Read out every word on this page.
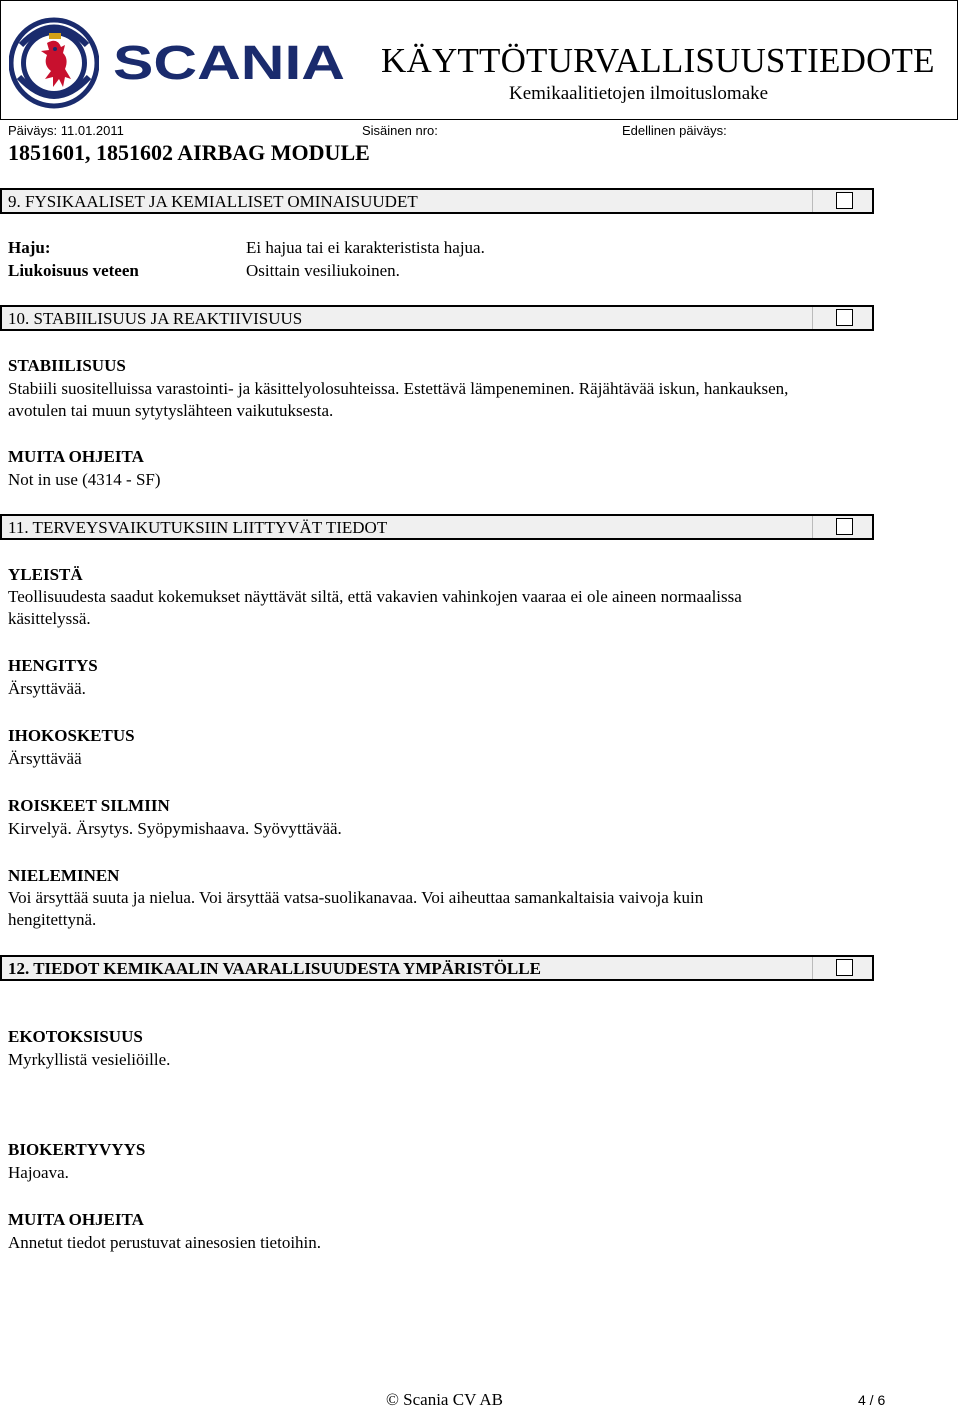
SCANIA KÄYTTÖTURVALLISUUSTIEDOTE
Kemikaalitietojen ilmoituslomake
Päiväys: 11.01.2011	Sisäinen nro:	Edellinen päiväys:
1851601, 1851602 AIRBAG MODULE
9. FYSIKAALISET JA KEMIALLISET OMINAISUUDET
Haju:	Ei hajua tai ei karakteristista hajua.
Liukoisuus veteen	Osittain vesiliukoinen.
10. STABIILISUUS JA REAKTIIVISUUS
STABIILISUUS
Stabiili suositelluissa varastointi- ja käsittelyolosuhteissa. Estettävä lämpeneminen. Räjähtävää iskun, hankauksen,
avotulen tai muun sytytyslähteen vaikutuksesta.
MUITA OHJEITA
Not in use (4314 - SF)
11. TERVEYSVAIKUTUKSIIN LIITTYVÄT TIEDOT
YLEISTÄ
Teollisuudesta saadut kokemukset näyttävät siltä, että vakavien vahinkojen vaaraa ei ole aineen normaalissa
käsittelyssä.
HENGITYS
Ärsyttävää.
IHOKOSKETUS
Ärsyttävää
ROISKEET SILMIIN
Kirvelyä. Ärsytys. Syöpymishaava. Syövyttävää.
NIELEMINEN
Voi ärsyttää suuta ja nielua. Voi ärsyttää vatsa-suolikanavaa. Voi aiheuttaa samankaltaisia vaivoja kuin
hengitettynä.
12. TIEDOT KEMIKAALIN VAARALLISUUDESTA YMPÄRISTÖLLE
EKOTOKSISUUS
Myrkyllistä vesieliöille.
BIOKERTYVYYS
Hajoava.
MUITA OHJEITA
Annetut tiedot perustuvat ainesosien tietoihin.
© Scania CV AB	4 / 6
